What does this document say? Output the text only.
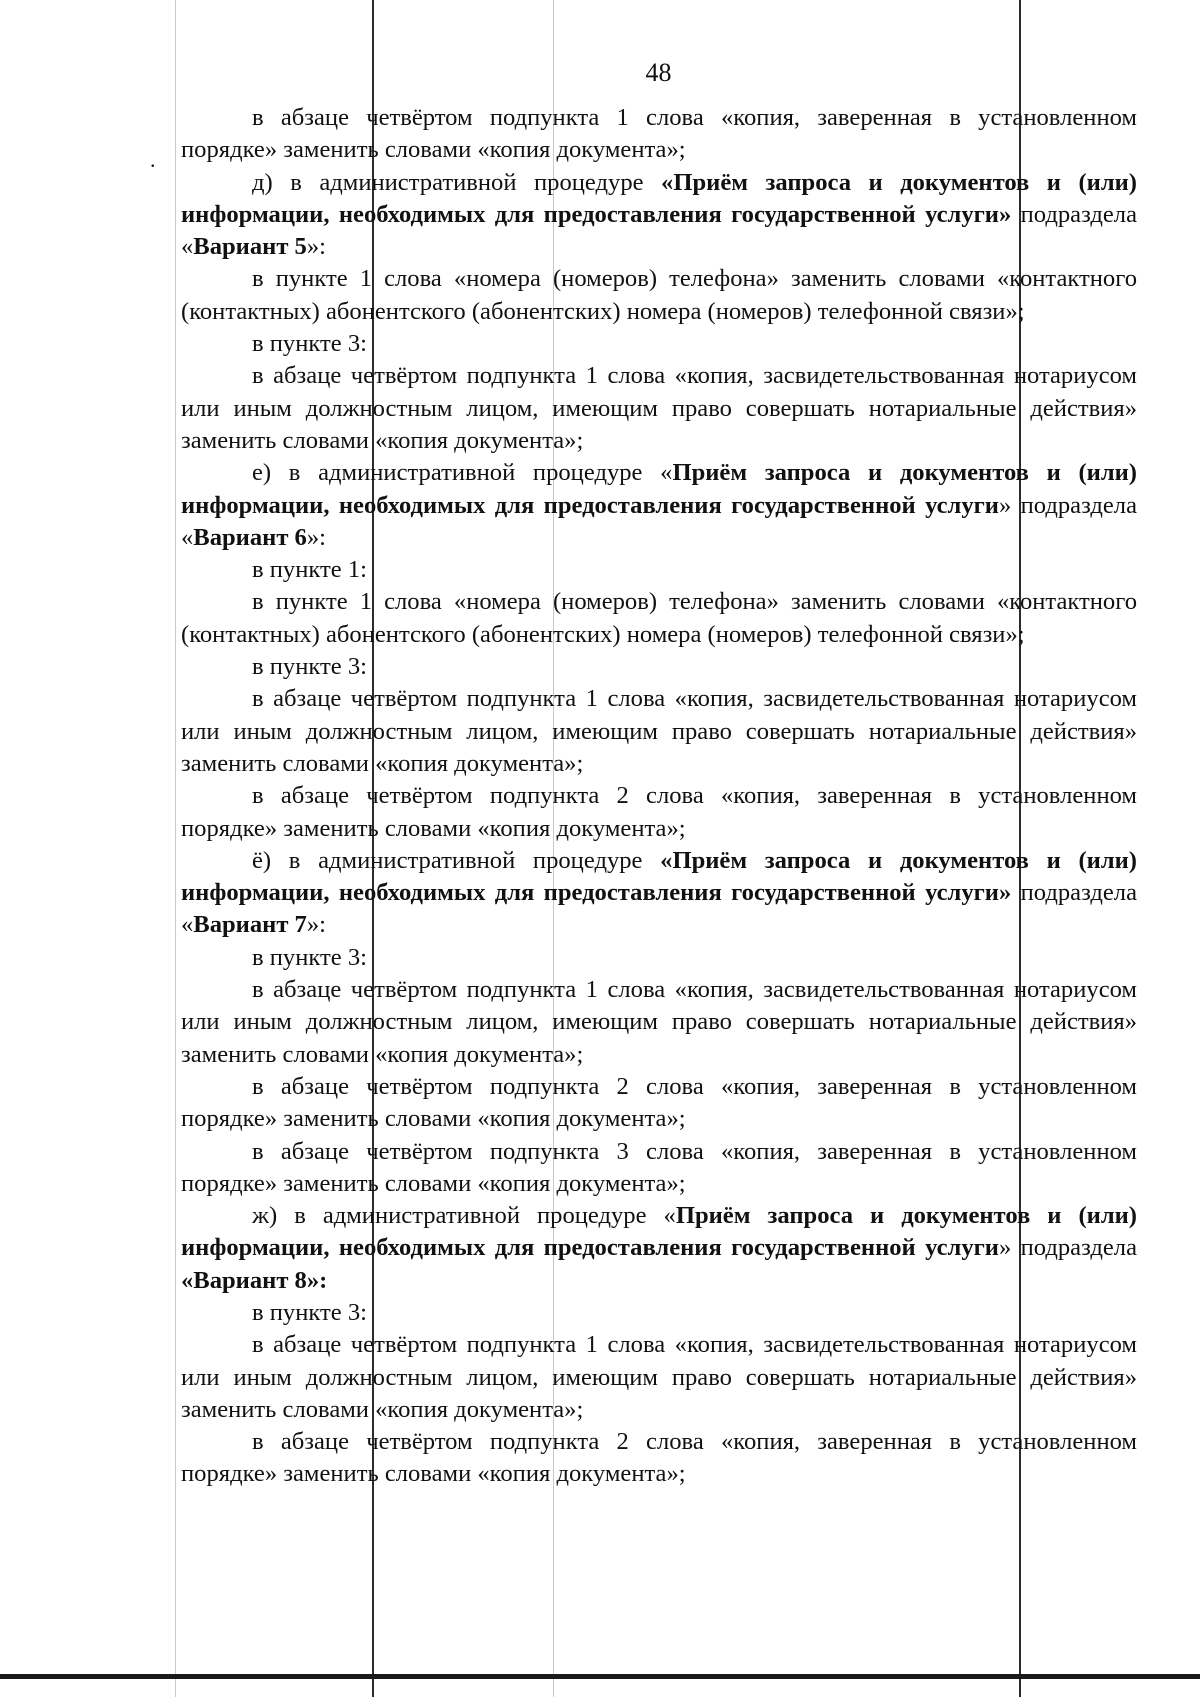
.
48

в абзаце четвёртом подпункта 1 слова «копия, заверенная в установленном порядке» заменить словами «копия документа»;

д) в административной процедуре «Приём запроса и документов и (или) информации, необходимых для предоставления государственной услуги» подраздела «Вариант 5»:

в пункте 1 слова «номера (номеров) телефона» заменить словами «контактного (контактных) абонентского (абонентских) номера (номеров) телефонной связи»;

в пункте 3:

в абзаце четвёртом подпункта 1 слова «копия, засвидетельствованная нотариусом или иным должностным лицом, имеющим право совершать нотариальные действия» заменить словами «копия документа»;

е) в административной процедуре «Приём запроса и документов и (или) информации, необходимых для предоставления государственной услуги» подраздела «Вариант 6»:

в пункте 1:

в пункте 1 слова «номера (номеров) телефона» заменить словами «контактного (контактных) абонентского (абонентских) номера (номеров) телефонной связи»;

в пункте 3:

в абзаце четвёртом подпункта 1 слова «копия, засвидетельствованная нотариусом или иным должностным лицом, имеющим право совершать нотариальные действия» заменить словами «копия документа»;

в абзаце четвёртом подпункта 2 слова «копия, заверенная в установленном порядке» заменить словами «копия документа»;

ё) в административной процедуре «Приём запроса и документов и (или) информации, необходимых для предоставления государственной услуги» подраздела «Вариант 7»:

в пункте 3:

в абзаце четвёртом подпункта 1 слова «копия, засвидетельствованная нотариусом или иным должностным лицом, имеющим право совершать нотариальные действия» заменить словами «копия документа»;

в абзаце четвёртом подпункта 2 слова «копия, заверенная в установленном порядке» заменить словами «копия документа»;

в абзаце четвёртом подпункта 3 слова «копия, заверенная в установленном порядке» заменить словами «копия документа»;

ж) в административной процедуре «Приём запроса и документов и (или) информации, необходимых для предоставления государственной услуги» подраздела «Вариант 8»:

в пункте 3:

в абзаце четвёртом подпункта 1 слова «копия, засвидетельствованная нотариусом или иным должностным лицом, имеющим право совершать нотариальные действия» заменить словами «копия документа»;

в абзаце четвёртом подпункта 2 слова «копия, заверенная в установленном порядке» заменить словами «копия документа»;
